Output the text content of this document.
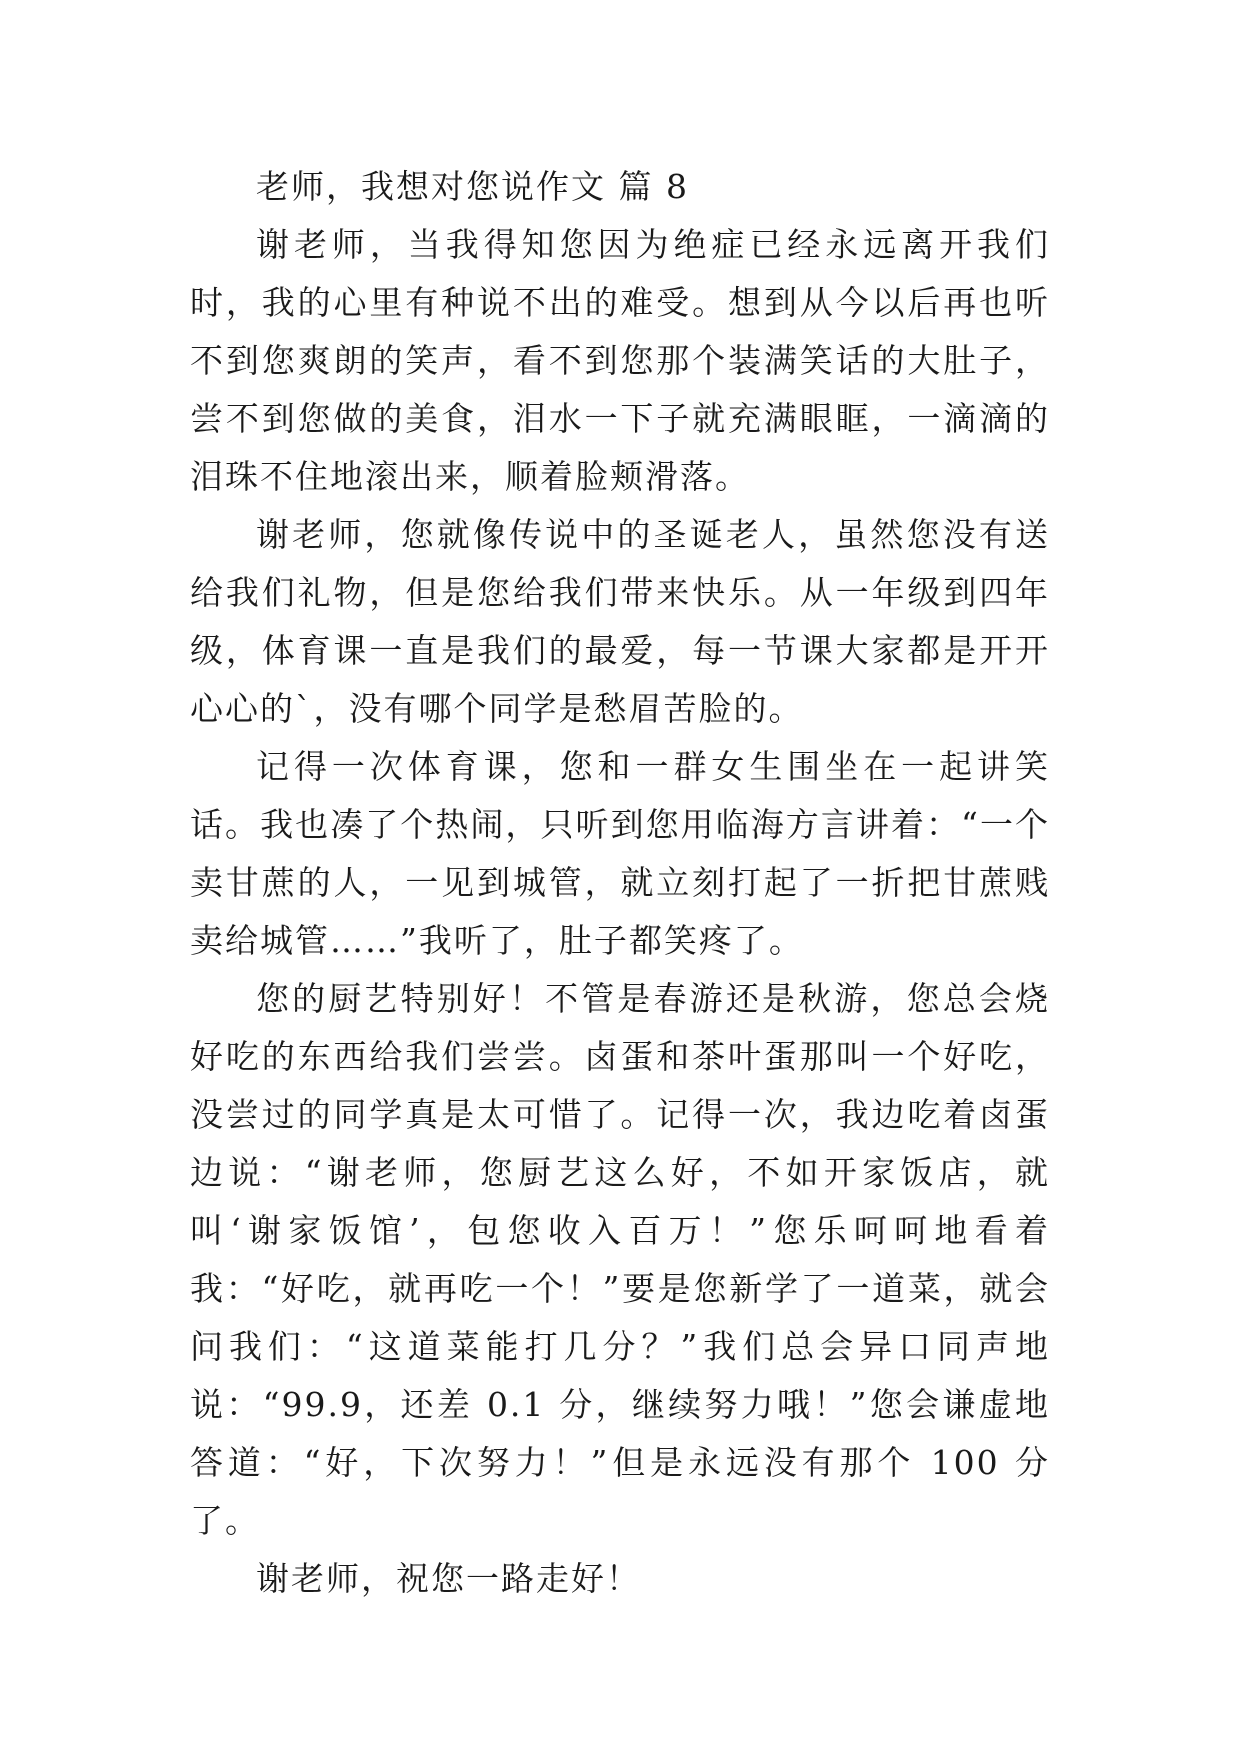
老师，我想对您说作文 篇 8

谢老师，当我得知您因为绝症已经永远离开我们时，我的心里有种说不出的难受。想到从今以后再也听不到您爽朗的笑声，看不到您那个装满笑话的大肚子，尝不到您做的美食，泪水一下子就充满眼眶，一滴滴的泪珠不住地滚出来，顺着脸颊滑落。

谢老师，您就像传说中的圣诞老人，虽然您没有送给我们礼物，但是您给我们带来快乐。从一年级到四年级，体育课一直是我们的最爱，每一节课大家都是开开心心的`，没有哪个同学是愁眉苦脸的。

记得一次体育课，您和一群女生围坐在一起讲笑话。我也凑了个热闹，只听到您用临海方言讲着：“一个卖甘蔗的人，一见到城管，就立刻打起了一折把甘蔗贱卖给城管……”我听了，肚子都笑疼了。

您的厨艺特别好！不管是春游还是秋游，您总会烧好吃的东西给我们尝尝。卤蛋和茶叶蛋那叫一个好吃，没尝过的同学真是太可惜了。记得一次，我边吃着卤蛋边说：“谢老师，您厨艺这么好，不如开家饭店，就叫‘谢家饭馆’，包您收入百万！”您乐呵呵地看着我：“好吃，就再吃一个！”要是您新学了一道菜，就会问我们：“这道菜能打几分？”我们总会异口同声地说：“99.9，还差 0.1 分，继续努力哦！”您会谦虚地答道：“好，下次努力！”但是永远没有那个 100 分了。

谢老师，祝您一路走好！
